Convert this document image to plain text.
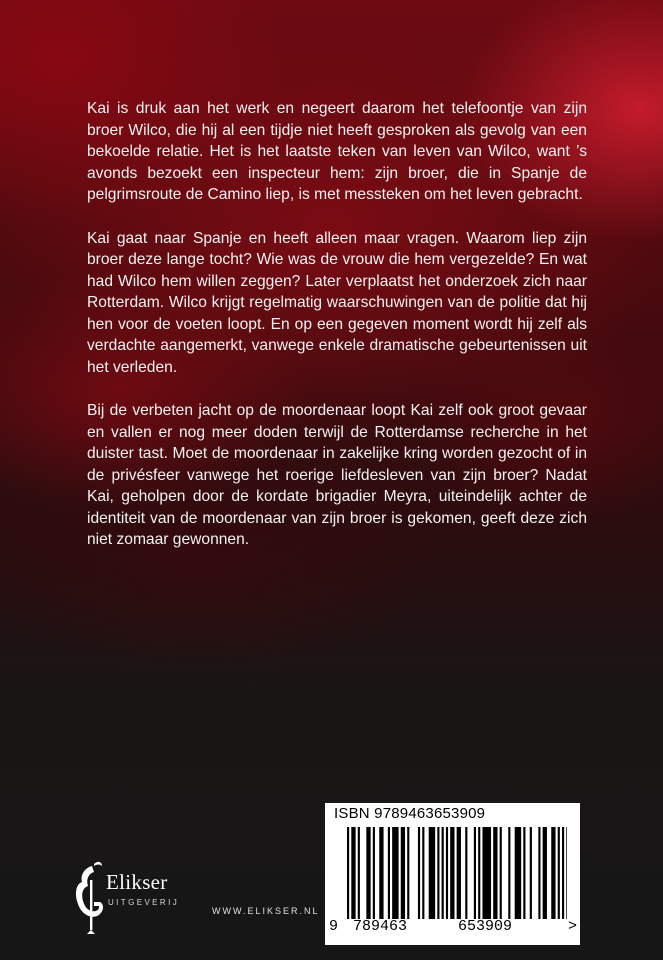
Kai is druk aan het werk en negeert daarom het telefoontje van zijn broer Wilco, die hij al een tijdje niet heeft gesproken als gevolg van een bekoelde relatie. Het is het laatste teken van leven van Wilco, want ’s avonds bezoekt een inspecteur hem: zijn broer, die in Spanje de pelgrimsroute de Camino liep, is met messteken om het leven gebracht.

Kai gaat naar Spanje en heeft alleen maar vragen. Waarom liep zijn broer deze lange tocht? Wie was de vrouw die hem vergezelde? En wat had Wilco hem willen zeggen? Later verplaatst het onderzoek zich naar Rotterdam. Wilco krijgt regelmatig waarschuwingen van de politie dat hij hen voor de voeten loopt. En op een gegeven moment wordt hij zelf als verdachte aangemerkt, vanwege enkele dramatische gebeurtenissen uit het verleden.

Bij de verbeten jacht op de moordenaar loopt Kai zelf ook groot gevaar en vallen er nog meer doden terwijl de Rotterdamse recherche in het duister tast. Moet de moordenaar in zakelijke kring worden gezocht of in de privésfeer vanwege het roerige liefdesleven van zijn broer? Nadat Kai, geholpen door de kordate brigadier Meyra, uiteindelijk achter de identiteit van de moordenaar van zijn broer is gekomen, geeft deze zich niet zomaar gewonnen.

Elikser
UITGEVERIJ
WWW.ELIKSER.NL
ISBN 9789463653909
9 789463	653909	>
